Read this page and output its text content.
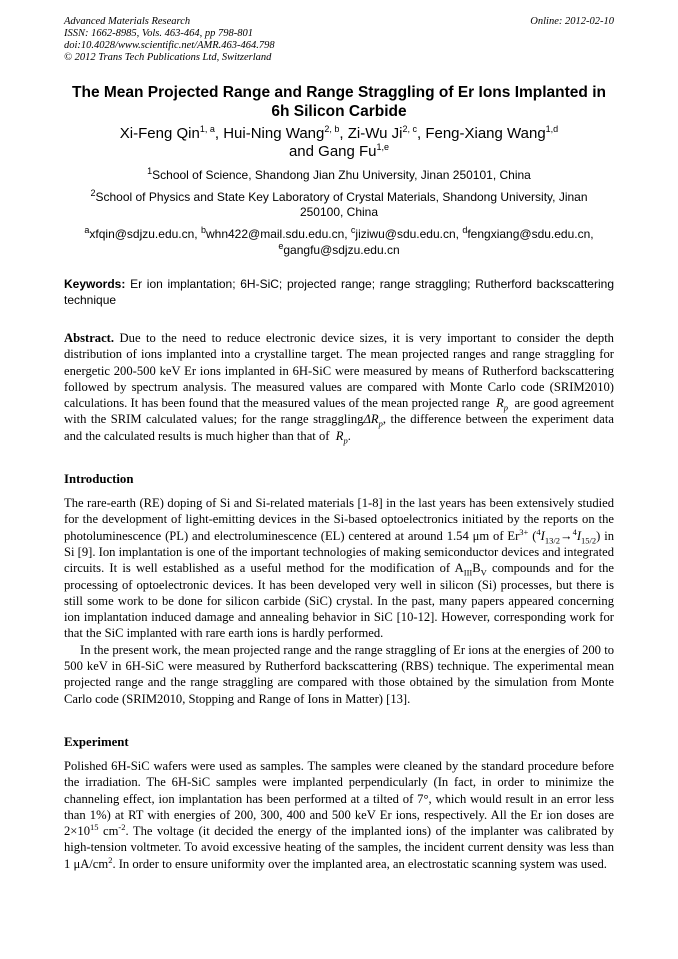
Advanced Materials Research
ISSN: 1662-8985, Vols. 463-464, pp 798-801
doi:10.4028/www.scientific.net/AMR.463-464.798
© 2012 Trans Tech Publications Ltd, Switzerland
Online: 2012-02-10
The Mean Projected Range and Range Straggling of Er Ions Implanted in 6h Silicon Carbide
Xi-Feng Qin$^{1, a}$, Hui-Ning Wang$^{2, b}$, Zi-Wu Ji$^{2, c}$, Feng-Xiang Wang$^{1,d}$
and Gang Fu$^{1,e}$
$^1$School of Science, Shandong Jian Zhu University, Jinan 250101, China
$^2$School of Physics and State Key Laboratory of Crystal Materials, Shandong University, Jinan 250100, China
$^a$xfqin@sdjzu.edu.cn, $^b$whn422@mail.sdu.edu.cn, $^c$jiziwu@sdu.edu.cn, $^d$fengxiang@sdu.edu.cn,
$^e$gangfu@sdjzu.edu.cn
Keywords: Er ion implantation; 6H-SiC; projected range; range straggling; Rutherford backscattering technique
Abstract. Due to the need to reduce electronic device sizes, it is very important to consider the depth distribution of ions implanted into a crystalline target. The mean projected ranges and range straggling for energetic 200-500 keV Er ions implanted in 6H-SiC were measured by means of Rutherford backscattering followed by spectrum analysis. The measured values are compared with Monte Carlo code (SRIM2010) calculations. It has been found that the measured values of the mean projected range $R_p$ are good agreement with the SRIM calculated values; for the range stragglingΔR$_p$, the difference between the experiment data and the calculated results is much higher than that of $R_p$.
Introduction

The rare-earth (RE) doping of Si and Si-related materials [1-8] in the last years has been extensively studied for the development of light-emitting devices in the Si-based optoelectronics initiated by the reports on the photoluminescence (PL) and electroluminescence (EL) centered at around 1.54 μm of $Er^{3+}$ $(^4I_{13/2}\to^4I_{15/2})$ in Si [9]. Ion implantation is one of the important technologies of making semiconductor devices and integrated circuits. It is well established as a useful method for the modification of $A_{III}B_V$ compounds and for the processing of optoelectronic devices. It has been developed very well in silicon (Si) processes, but there is still some work to be done for silicon carbide (SiC) crystal. In the past, many papers appeared concerning ion implantation induced damage and annealing behavior in SiC [10-12]. However, corresponding work for that the SiC implanted with rare earth ions is hardly performed.

In the present work, the mean projected range and the range straggling of Er ions at the energies of 200 to 500 keV in 6H-SiC were measured by Rutherford backscattering (RBS) technique. The experimental mean projected range and the range straggling are compared with those obtained by the simulation from Monte Carlo code (SRIM2010, Stopping and Range of Ions in Matter) [13].

Experiment

Polished 6H-SiC wafers were used as samples. The samples were cleaned by the standard procedure before the irradiation. The 6H-SiC samples were implanted perpendicularly (In fact, in order to minimize the channeling effect, ion implantation has been performed at a tilted of 7°, which would result in an error less than 1%) at RT with energies of 200, 300, 400 and 500 keV Er ions, respectively. All the Er ion doses are $2\times 10^{15}$ $cm^{-2}$. The voltage (it decided the energy of the implanted ions) of the implanter was calibrated by high-tension voltmeter. To avoid excessive heating of the samples, the incident current density was less than 1 $\mu A/cm^2$. In order to ensure uniformity over the implanted area, an electrostatic scanning system was used.
